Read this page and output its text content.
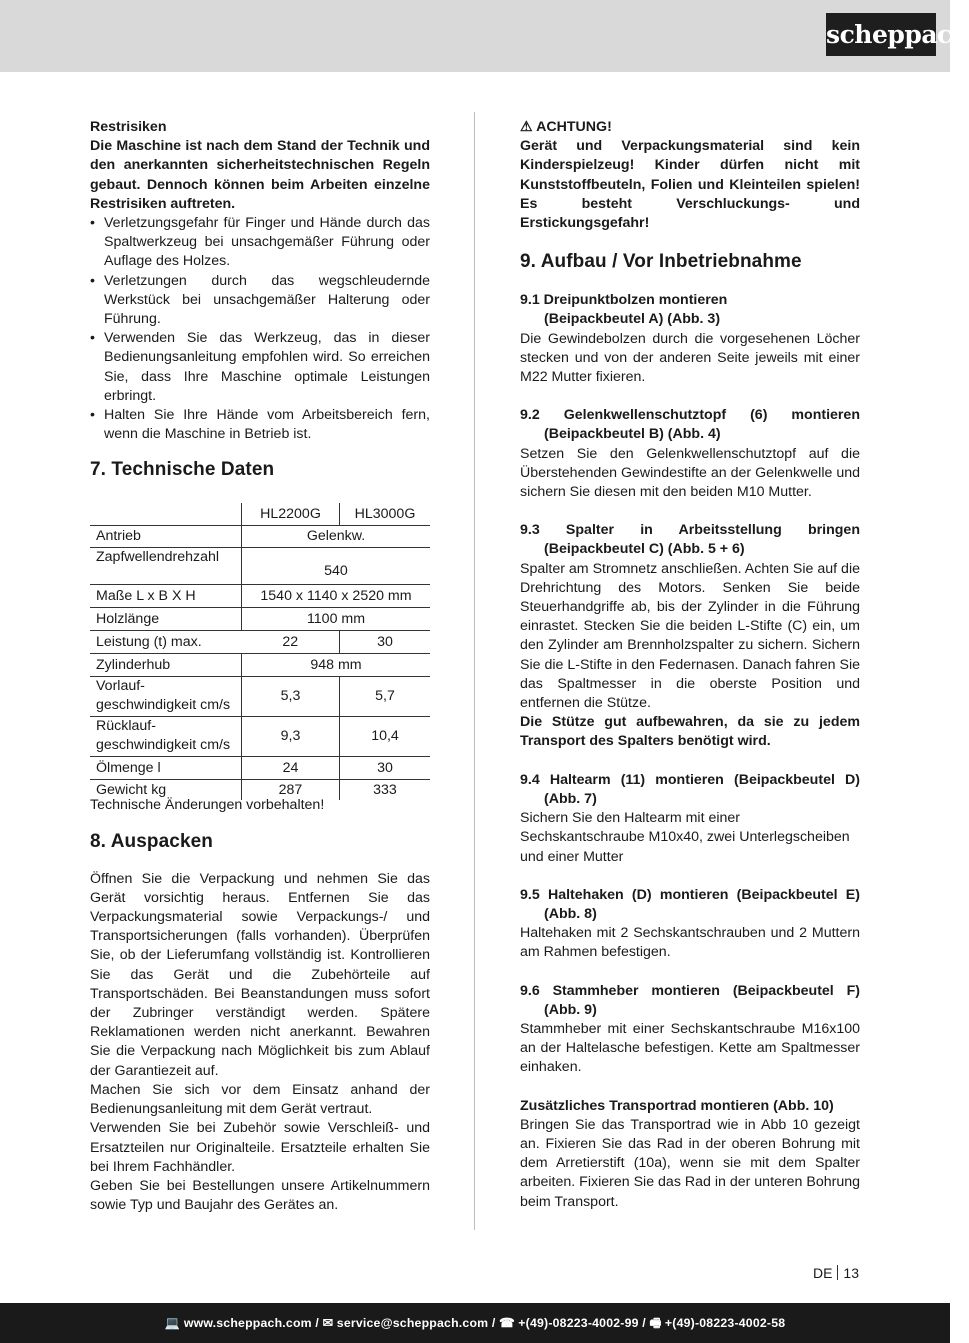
scheppach

Restrisiken

Die Maschine ist nach dem Stand der Technik und den anerkannten sicherheitstechnischen Regeln gebaut. Dennoch können beim Arbeiten einzelne Restrisiken auftreten.

• Verletzungsgefahr für Finger und Hände durch das Spaltwerkzeug bei unsachgemäßer Führung oder Auflage des Holzes.
• Verletzungen durch das wegschleudernde Werkstück bei unsachgemäßer Halterung oder Führung.
• Verwenden Sie das Werkzeug, das in dieser Bedienungsanleitung empfohlen wird. So erreichen Sie, dass Ihre Maschine optimale Leistungen erbringt.
• Halten Sie Ihre Hände vom Arbeitsbereich fern, wenn die Maschine in Betrieb ist.
7. Technische Daten
	HL2200G	HL3000G
Antrieb	Gelenkw.	
Zapfwellendrehzahl	540	
Maße L x B X H	1540 x 1140 x 2520 mm	
Holzlänge	1100 mm	
Leistung (t) max.	22	30
Zylinderhub	948 mm	
Vorlauf-
geschwindigkeit cm/s	5,3	5,7
Rücklauf-
geschwindigkeit cm/s	9,3	10,4
Ölmenge l	24	30
Gewicht kg	287	333

Technische Änderungen vorbehalten!

8. Auspacken

Öffnen Sie die Verpackung und nehmen Sie das Gerät vorsichtig heraus. Entfernen Sie das Verpackungsmaterial sowie Verpackungs-/ und Transportsicherungen (falls vorhanden). Überprüfen Sie, ob der Lieferumfang vollständig ist. Kontrollieren Sie das Gerät und die Zubehörteile auf Transportschäden. Bei Beanstandungen muss sofort der Zubringer verständigt werden. Spätere Reklamationen werden nicht anerkannt. Bewahren Sie die Verpackung nach Möglichkeit bis zum Ablauf der Garantiezeit auf.

Machen Sie sich vor dem Einsatz anhand der Bedienungsanleitung mit dem Gerät vertraut.

Verwenden Sie bei Zubehör sowie Verschleiß- und Ersatzteilen nur Originalteile. Ersatzteile erhalten Sie bei Ihrem Fachhändler.

Geben Sie bei Bestellungen unsere Artikelnummern sowie Typ und Baujahr des Gerätes an.

⚠ ACHTUNG!

Gerät und Verpackungsmaterial sind kein Kinderspielzeug! Kinder dürfen nicht mit Kunststoffbeuteln, Folien und Kleinteilen spielen! Es besteht Verschluckungs- und Erstickungsgefahr!

9. Aufbau / Vor Inbetriebnahme

9.1 Dreipunktbolzen montieren

(Beipackbeutel A) (Abb. 3)

Die Gewindebolzen durch die vorgesehenen Löcher stecken und von der anderen Seite jeweils mit einer M22 Mutter fixieren.

9.2 Gelenkwellenschutztopf (6) montieren

(Beipackbeutel B) (Abb. 4)

Setzen Sie den Gelenkwellenschutztopf auf die Überstehenden Gewindestifte an der Gelenkwelle und sichern Sie diesen mit den beiden M10 Mutter.

9.3 Spalter in Arbeitsstellung bringen

(Beipackbeutel C) (Abb. 5 + 6)

Spalter am Stromnetz anschließen. Achten Sie auf die Drehrichtung des Motors. Senken Sie beide Steuerhandgriffe ab, bis der Zylinder in die Führung einrastet. Stecken Sie die beiden L-Stifte (C) ein, um den Zylinder am Brennholzspalter zu sichern. Sichern Sie die L-Stifte in den Federnasen. Danach fahren Sie das Spaltmesser in die oberste Position und entfernen die Stütze.

Die Stütze gut aufbewahren, da sie zu jedem Transport des Spalters benötigt wird.

9.4 Haltearm (11) montieren (Beipackbeutel D)

(Abb. 7)

Sichern Sie den Haltearm mit einer Sechskantschraube M10x40, zwei Unterlegscheiben und einer Mutter

9.5 Haltehaken (D) montieren (Beipackbeutel E)

(Abb. 8)

Haltehaken mit 2 Sechskantschrauben und 2 Muttern am Rahmen befestigen.

9.6 Stammheber montieren (Beipackbeutel F)

(Abb. 9)

Stammheber mit einer Sechskantschraube M16x100 an der Haltelasche befestigen. Kette am Spaltmesser einhaken.

Zusätzliches Transportrad montieren (Abb. 10)

Bringen Sie das Transportrad wie in Abb 10 gezeigt an. Fixieren Sie das Rad in der oberen Bohrung mit dem Arretierstift (10a), wenn sie mit dem Spalter arbeiten. Fixieren Sie das Rad in der unteren Bohrung beim Transport.

DE 13
💻 www.scheppach.com / ✉ service@scheppach.com / ☎ +(49)-08223-4002-99 / 🖷 +(49)-08223-4002-58
